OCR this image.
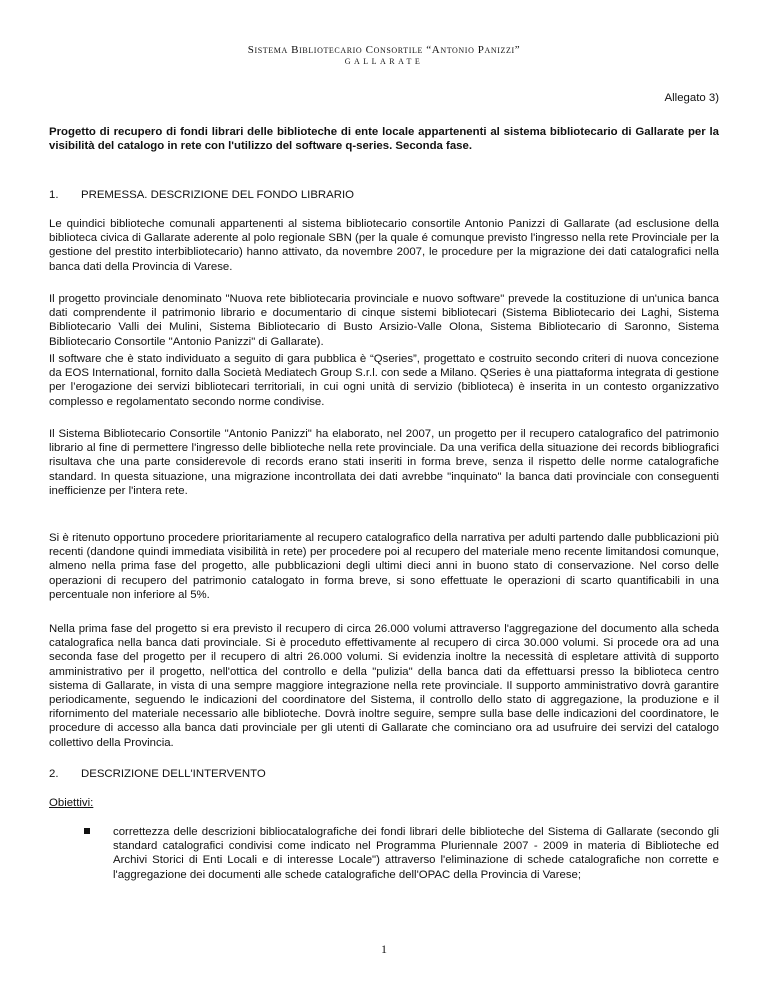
Sistema Bibliotecario Consortile “Antonio Panizzi”
GALLARATE
Allegato 3)
Progetto di recupero di fondi librari delle biblioteche di ente locale appartenenti al sistema bibliotecario di Gallarate per la visibilità del catalogo in rete con l'utilizzo del software q-series. Seconda fase.
1. PREMESSA. DESCRIZIONE DEL FONDO LIBRARIO

Le quindici biblioteche comunali appartenenti al sistema bibliotecario consortile Antonio Panizzi di Gallarate (ad esclusione della biblioteca civica di Gallarate aderente al polo regionale SBN (per la quale é comunque previsto l'ingresso nella rete Provinciale per la gestione del prestito interbibliotecario) hanno attivato, da novembre 2007, le procedure per la migrazione dei dati catalografici nella banca dati della Provincia di Varese.

Il progetto provinciale denominato "Nuova rete bibliotecaria provinciale e nuovo software" prevede la costituzione di un'unica banca dati comprendente il patrimonio librario e documentario di cinque sistemi bibliotecari (Sistema Bibliotecario dei Laghi, Sistema Bibliotecario Valli dei Mulini, Sistema Bibliotecario di Busto Arsizio-Valle Olona, Sistema Bibliotecario di Saronno, Sistema Bibliotecario Consortile "Antonio Panizzi" di Gallarate).

Il software che è stato individuato a seguito di gara pubblica è “Qseries”, progettato e costruito secondo criteri di nuova concezione da EOS International, fornito dalla Società Mediatech Group S.r.l. con sede a Milano. QSeries è una piattaforma integrata di gestione per l’erogazione dei servizi bibliotecari territoriali, in cui ogni unità di servizio (biblioteca) è inserita in un contesto organizzativo complesso e regolamentato secondo norme condivise.

Il Sistema Bibliotecario Consortile "Antonio Panizzi" ha elaborato, nel 2007, un progetto per il recupero catalografico del patrimonio librario al fine di permettere l'ingresso delle biblioteche nella rete provinciale. Da una verifica della situazione dei records bibliografici risultava che una parte considerevole di records erano stati inseriti in forma breve, senza il rispetto delle norme catalografiche standard. In questa situazione, una migrazione incontrollata dei dati avrebbe "inquinato" la banca dati provinciale con conseguenti inefficienze per l'intera rete.

Si è ritenuto opportuno procedere prioritariamente al recupero catalografico della narrativa per adulti partendo dalle pubblicazioni più recenti (dandone quindi immediata visibilità in rete) per procedere poi al recupero del materiale meno recente limitandosi comunque, almeno nella prima fase del progetto, alle pubblicazioni degli ultimi dieci anni in buono stato di conservazione. Nel corso delle operazioni di recupero del patrimonio catalogato in forma breve, si sono effettuate le operazioni di scarto quantificabili in una percentuale non inferiore al 5%.

Nella prima fase del progetto si era previsto il recupero di circa 26.000 volumi attraverso l'aggregazione del documento alla scheda catalografica nella banca dati provinciale. Si è proceduto effettivamente al recupero di circa 30.000 volumi. Si procede ora ad una seconda fase del progetto per il recupero di altri 26.000 volumi. Si evidenzia inoltre la necessità di espletare attività di supporto amministrativo per il progetto, nell'ottica del controllo e della "pulizia" della banca dati da effettuarsi presso la biblioteca centro sistema di Gallarate, in vista di una sempre maggiore integrazione nella rete provinciale. Il supporto amministrativo dovrà garantire periodicamente, seguendo le indicazioni del coordinatore del Sistema, il controllo dello stato di aggregazione, la produzione e il rifornimento del materiale necessario alle biblioteche. Dovrà inoltre seguire, sempre sulla base delle indicazioni del coordinatore, le procedure di accesso alla banca dati provinciale per gli utenti di Gallarate che cominciano ora ad usufruire dei servizi del catalogo collettivo della Provincia.

2. DESCRIZIONE DELL'INTERVENTO
Obiettivi:

correttezza delle descrizioni bibliocatalografiche dei fondi librari delle biblioteche del Sistema di Gallarate (secondo gli standard catalografici condivisi come indicato nel Programma Pluriennale 2007 - 2009 in materia di Biblioteche ed Archivi Storici di Enti Locali e di interesse Locale") attraverso l'eliminazione di schede catalografiche non corrette e l'aggregazione dei documenti alle schede catalografiche dell'OPAC della Provincia di Varese;

1
